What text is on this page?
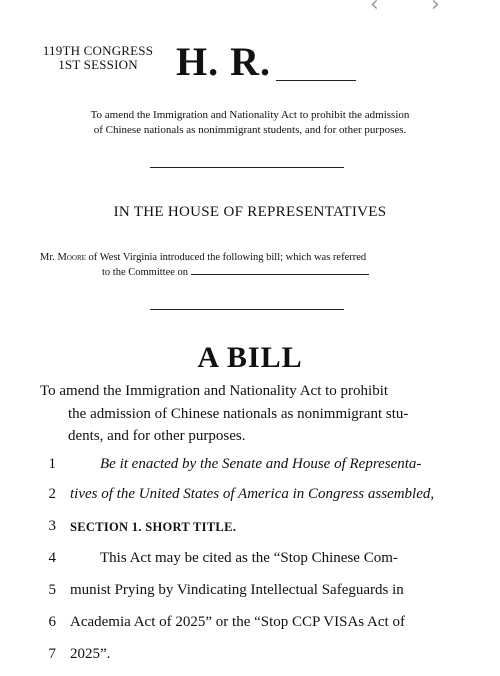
‹ ›
119TH CONGRESS
1ST SESSION H. R.
To amend the Immigration and Nationality Act to prohibit the admission
of Chinese nationals as nonimmigrant students, and for other purposes.
IN THE HOUSE OF REPRESENTATIVES
Mr. Moore of West Virginia introduced the following bill; which was referred
to the Committee on
A BILL
To amend the Immigration and Nationality Act to prohibit
the admission of Chinese nationals as nonimmigrant stu-
dents, and for other purposes.
1	Be it enacted by the Senate and House of Representa-
2 tives of the United States of America in Congress assembled,
3 SECTION 1. SHORT TITLE.
4	This Act may be cited as the “Stop Chinese Com-
5 munist Prying by Vindicating Intellectual Safeguards in
6 Academia Act of 2025” or the “Stop CCP VISAs Act of
7 2025”.
